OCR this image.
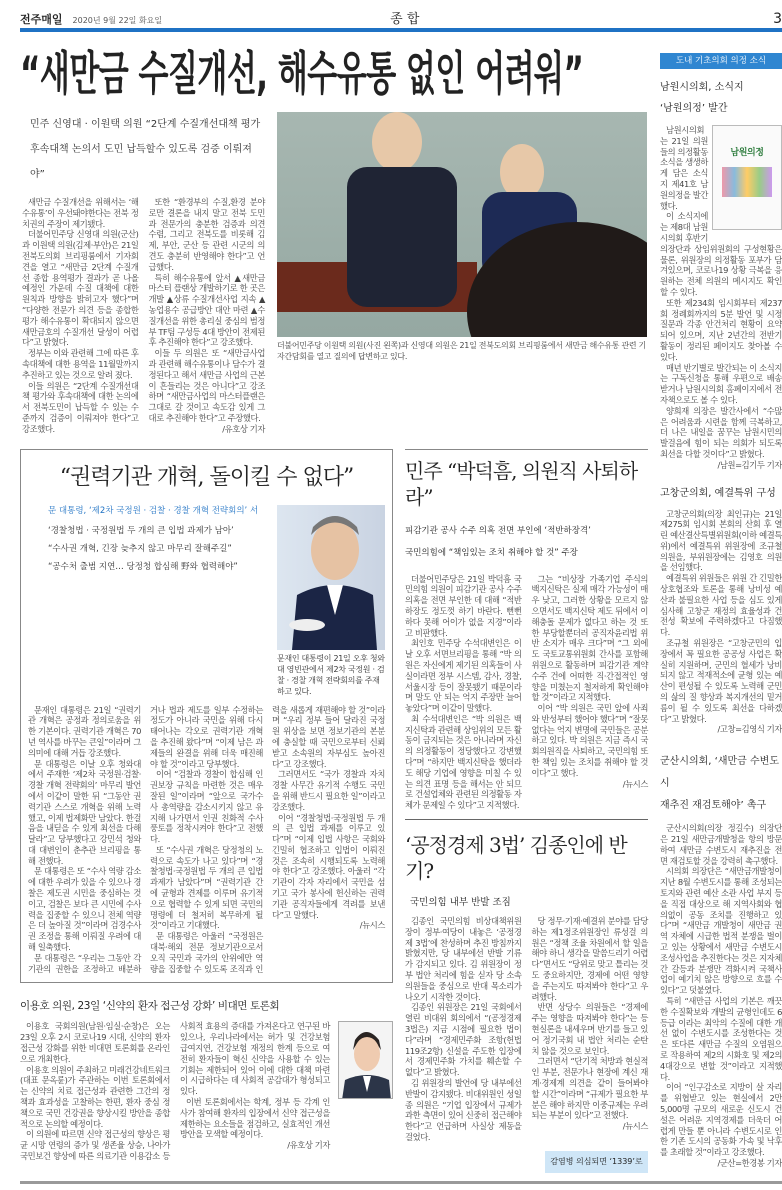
전주매일 2020년 9월 22일 화요일	종 합	3
“새만금 수질개선, 해수유통 없인 어려워”
민주 신영대 · 이원택 의원 “2단계 수질개선대책 평가
후속대책 논의서 도민 납득할수 있도록 검증 이뤄져야”

새만금 수질개선을 위해서는 ‘해수유통’이 우선돼야한다는 전북 정치권의 주장이 제기됐다.

더불어민주당 신영대 의원(군산)과 이원택 의원(김제·부안)은 21일 전북도의회 브리핑룸에서 기자회견을 열고 “새만금 2단계 수질개선 종합 용역평가 결과가 곧 나올 예정인 가운데 수질 대책에 대한 원칙과 방향을 밝히고자 했다”며 “다양한 전문가 의견 등을 종합한 평가 해수유통이 확대되지 않으면 새만금호의 수질개선 달성이 어렵다”고 밝혔다.

정부는 이와 관련해 그에 따른 후속대책에 대한 용역을 11월말까지 추진하고 있는 것으로 알려 졌다.

이들 의원은 “2단계 수질개선대책 평가와 후속대책에 대한 논의에서 전북도민이 납득할 수 있는 수준까지 검증이 이뤄져야 한다”고 강조했다.

또한 “환경부의 수질,환경 분야로만 결론을 내지 말고 전북 도민과 전문가의 충분한 검증과 의견 수렴, 그리고 전북도를 비롯해 김제, 부안, 군산 등 관련 시군의 의견도 충분히 반영해야 한다”고 언급했다.

특히 해수유통에 앞서 ▲새만금 마스터 플랜상 개발하기로 한 곳은 개발 ▲상류 수질개선사업 지속 ▲농업용수 공급방안 대안 마련 ▲수질개선을 위한 총리실 중심의 범정부 TF팀 구성등 4대 방안이 전제된 후 추진해야 한다”고 강조했다.

이들 두 의원은 또 “새만금사업과 관련해 해수유통이나 담수가 결정된다고 해서 새만금 사업의 근본이 흔들리는 것은 아니다”고 강조하며 “새만금사업의 마스터플랜은 그대로 갈 것이고 속도감 있게 그대로 추진해야 한다”고 주장했다.

/유호상 기자

더불어민주당 이원택 의원(사진 왼쪽)과 신영대 의원은 21일 전북도의회 브리핑룸에서 새만금 해수유통 관련 기자간담회를 열고 질의에 답변하고 있다.
“권력기관 개혁, 돌이킬 수 없다”
문 대통령, ‘제2차 국정원 · 검찰 · 경찰 개혁 전략회의’ 서
‘경찰청법 · 국정원법 두 개의 큰 입법 과제가 남아’
“수사권 개혁, 긴장 늦추지 않고 마무리 잘해주길”
“공수처 출범 지연… 당정청 합심해 野와 협력해야”
문재인 대통령이 21일 오후 청와대 영빈관에서 제2차 국정원 · 검찰 · 경찰 개혁 전략회의를 주재하고 있다.

문재인 대통령은 21일 “권력기관 개혁은 공정과 정의로움을 위한 기본이다. 권력기관 개혁은 70년 역사를 바꾸는 큰일”이라며 그 의미에 대해 거듭 강조했다.

문 대통령은 이날 오후 청와대에서 주재한 ‘제2차 국정원·검찰·경찰 개혁 전략회의’ 마무리 발언에서 이같이 말한 뒤 “그동안 권력기관 스스로 개혁을 위해 노력했고, 이제 법제화만 남았다. 한걸음을 내딛을 수 있게 최선을 다해달라”고 당부했다고 강민석 청와대 대변인이 춘추관 브리핑을 통해 전했다.

문 대통령은 또 “수사 역량 감소에 대한 우려가 있을 수 있으나 경찰은 제도권 시민을 중심하는 것이고, 검찰은 보다 큰 시민에 수사력을 집중할 수 있으니 전체 역량은 더 높아질 것”이라며 검경수사권 조정을 통해 이뤄질 우려에 대해 일축했다.

문 대통령은 “우리는 그동안 각 기관의 권한을 조정하고 배분하거나 법과 제도를 일부 수정하는 정도가 아니라 국민을 위해 다시 태어나는 각오로 권력기관 개혁을 추진해 왔다”며 “이제 남은 과제들의 완결을 위해 더욱 매진해야 할 것”이라고 당부했다.

이어 “검찰과 경찰이 합심해 인권보장 규칙을 마련한 것은 매우 잘된 일”이라며 “앞으로 국가수사 총역량을 감소시키지 않고 유지해 나가면서 인권 친화적 수사 풍토를 정착시켜야 한다”고 전했다.

또 “수사권 개혁은 당정청의 노력으로 속도가 나고 있다”며 “경찰청법·국정원법 두 개의 큰 입법 과제가 남았다”며 “권력기관 간에 균형과 견제를 이루며 유기적으로 협력할 수 있게 되면 국민의 명령에 더 철저히 복무하게 될 것”이라고 기대했다.

문 대통령은 아울러 “국정원은 대북·해외 전문 정보기관으로서 오직 국민과 국가의 안위에만 역량을 집중할 수 있도록 조직과 인력을 새롭게 재편해야 할 것”이라며 “우리 정부 들어 달라진 국정원 위상을 보면 정보기관의 본분에 충실할 때 국민으로부터 신뢰 받고 소속원의 자부심도 높아진다”고 강조했다.

그러면서도 “국가 경찰과 자치경찰 사무간 유기적 수행도 국민을 위해 반드시 필요한 일”이라고 강조했다.

이어 “경찰청법·국정원법 두 개의 큰 입법 과제를 이루고 있다”며 “이제 입법 사항은 국회와 긴밀히 협조하고 입법이 이뤄진 것은 조속히 시행되도록 노력해야 한다”고 강조했다. 아울러 “각 기관이 각자 자리에서 국민을 섬기고 국가 봉사에 헌신하는 권력기관 공직자들에게 격려를 보낸다”고 말했다.

/뉴시스

이용호 의원, 23일 ‘신약의 환자 접근성 강화’ 비대면 토론회

이용호 국회의원(남원·임실·순창)은 오는 23일 오후 2시 코로나19 시대, 신약의 환자 접근성 강화를 위한 비대면 토론회를 온라인으로 개최한다.

이용호 의원이 주최하고 미래건강네트워크(대표 문옥륜)가 주관하는 이번 토론회에서는 신약의 치료 접근성과 관련한 그간의 정책과 효과성을 고찰하는 한편, 환자 중심 정책으로 국민 건강권을 향상시킬 방안을 종합적으로 논의할 예정이다.

이 의원에 따르면 신약 접근성의 향상은 평균 시망 연령의 증가 및 생존율 상승, 나아가 국민보건 향상에 따른 의료기관 이용감소 등 사회적 효용의 증대를 가져온다고 연구된 바 있으나, 우리나라에서는 허가 및 건강보험 급여지연, 건강보험 재정의 한계 등으로 여전히 환자들이 혁신 신약을 사용할 수 있는 기회는 제한되어 있어 이에 대한 대책 마련이 시급하다는 데 사회적 공감대가 형성되고 있다.

이번 토론회에서는 학계, 정부 등 각계 인사가 참여해 환자의 입장에서 신약 접근성을 제한하는 요소들을 점검하고, 실효적인 개선 방안을 모색할 예정이다.

/유호상 기자

민주 “박덕흠, 의원직 사퇴하라”
피감기관 공사 수주 의혹 전면 부인에 ‘적반하장격’
국민의힘에 “책임있는 조치 취해야 할 것” 주장

더불어민주당은 21일 박덕흠 국민의힘 의원이 피감기관 공사 수주 의혹을 전면 부인한 데 대해 “적반하장도 정도껏 하기 바란다. 뻔뻔하다 못해 어이가 없을 지경”이라고 비판했다.

최인호 민주당 수석대변인은 이날 오후 서면브리핑을 통해 “박 의원은 자신에게 제기된 의혹들이 사실이라면 정부 시스템, 감사, 경찰, 서울시장 등이 잘못됐기 때문이라며 말도 안 되는 억지 주장만 늘어놓았다”며 이같이 말했다.

최 수석대변인은 “박 의원은 백지신탁과 관련해 상임위의 모든 활동이 금지되는 것은 아니라며 자신의 의정활동이 정당했다고 강변했다”며 “하지만 백지신탁을 했더라도 해당 기업에 영향을 미칠 수 있는 의견 표명 등을 해서는 안 되므로 건설업체와 관련된 의정활동 자체가 문제일 수 있다”고 지적했다.

그는 “비상장 가족기업 주식의 백지신탁은 실제 매각 가능성이 매우 낮고, 그러한 상황을 모르지 않으면서도 백지신탁 제도 뒤에서 이해충돌 문제가 없다고 하는 것 또한 부당할뿐더러 공직자윤리법 위반 소지가 매우 크다”며 “그 외에도 국토교통위원회 간사를 포함해 위원으로 활동하며 피감기관 계약 수주 건에 어떠한 직·간접적인 영향을 미쳤는지 철저하게 확인해야 할 것”이라고 지적했다.

이어 “박 의원은 국민 앞에 사죄와 반성부터 했어야 했다”며 “잘못 없다는 억지 변명에 국민들은 공분하고 있다. 박 의원은 지금 즉시 국회의원직을 사퇴하고, 국민의힘 또한 책임 있는 조치를 취해야 할 것이다”고 했다.

/뉴시스

‘공정경제 3법’ 김종인에 반기?
국민의힘 내부 반발 조짐

김종인 국민의힘 비상대책위원장이 정부·여당이 내놓은 ‘공정경제 3법’에 찬성하며 추진 방침까지 밝혔지만, 당 내부에선 반발 기류가 감지되고 있다. 김 위원장이 정부 법안 처리에 힘을 싣자 당 소속 의원들을 중심으로 반대 목소리가 나오기 시작한 것이다.

김종인 위원장은 21일 국회에서 열린 비대위 회의에서 “(공정경제 3법은) 지금 시점에 필요한 법이다”라며 “경제민주화 조항(헌법 119조2항) 신설을 주도한 입장에서 경제민주화 가치를 훼손할 수 없다”고 밝혔다.

김 위원장의 발언에 당 내부에선 반발이 감지됐다. 비대위원인 성일종 의원은 “기업 입장에서 규제가 과한 측면이 있어 신중히 접근해야 한다”고 언급하며 사실상 제동을 걸었다.

당 정무·기재·예결위 분야를 담당하는 제1정조위원장인 류성걸 의원은 “정책 조율 차원에서 할 일을 해야 하니 생각을 말씀드리기 어렵다”면서도 “당위로 맞고 틀리는 것도 중요하지만, 경제에 어떤 영향을 주는지도 따져봐야 한다”고 우려했다.

반면 상당수 의원들은 “경제에 주는 영향을 따져봐야 한다”는 등 현실론을 내세우며 반기를 들고 있어 정기국회 내 법안 처리는 순탄치 않을 것으로 보인다.

그러면서 “단기적 처방과 현실적인 부분, 전문가나 현장에 계신 재계·경제계 의견을 같이 들어봐야 할 시간”이라며 “규제가 필요한 부분은 해야 하지만 이중규제는 우려되는 부분이 있다”고 전했다.

/뉴시스

감염병 의심되면 ‘1339’로
도내 기초의회 의정 소식
남원시의회, 소식지
‘남원의정’ 발간
남원의정

남원시의회는 21일 의원들의 의정활동 소식을 생생하게 담은 소식지 제41호 남원의정을 발간했다.

이 소식지에는 제8대 남원시의회 후반기 의장단과 상임위원회의 구성현황은 물론, 위원장의 의정활동 포부가 담겨있으며, 코로나19 상황 극복을 응원하는 전체 의원의 메시지도 확인할 수 있다.

또한 제234회 임시회부터 제237회 정례회까지의 5분 발언 및 시정질문과 각종 안건처리 현황이 요약되어 있으며, 지난 2년간의 전반기 활동이 정리된 페이지도 찾아볼 수 있다.

매년 반기별로 발간되는 이 소식지는 구독신청을 통해 우편으로 배송 받거나 남원시의회 홈페이지에서 전자책으로도 볼 수 있다.

양희재 의장은 발간사에서 “수많은 어려움과 시련을 함께 극복하고, 더 나은 내일을 꿈꾸는 남원시민의 발걸음에 힘이 되는 의회가 되도록 최선을 다할 것이다”고 밝혔다.

/남원=김기두 기자

고창군의회, 예결특위 구성

고창군의회(의장 최인규)는 21일 제275회 임시회 본회의 산회 후 열린 예산결산특별위원회(이하 예결특위)에서 예결특위 위원장에 조규철 의원을, 부위원장에는 김영호 의원을 선임했다.

예결특위 위원들은 위원 간 긴밀한 상호협조와 토론을 통해 낭비성 예산과 불필요한 사업 등을 심도 있게 심사해 고창군 재정의 효율성과 건전성 확보에 주력하겠다고 다짐했다.

조규철 위원장은 “고창군민의 입장에서 꼭 필요한 공공성 사업은 확실히 지원하며, 군민의 혈세가 낭비되지 않고 적재적소에 균형 있는 예산이 편성될 수 있도록 노력해 군민의 삶의 질 향상과 복지개선의 밑거름이 될 수 있도록 최선을 다하겠다”고 밝혔다.

/고창=김영식 기자

군산시의회, ‘새만금 수변도시
재추진 재검토해야’ 촉구

군산시의회(의장 정길수) 의장단은 21일 새만금개발청을 항의 방문하여 새만금 수변도시 재추진을 전면 재검토할 것을 강력히 촉구했다.

시의회 의장단은 “새만금개발청이 지난 8월 수변도시를 통해 조성되는 토지와 관련 예산 소관 사업 부지 등을 직접 대상으로 해 지역사회와 협의없이 공동 조치를 진행하고 있다”며 “새만금 개발청이 새만금 권역 자체에 시급한 법적 분쟁을 벌이고 있는 상황에서 새만금 수변도시 조성사업을 추진한다는 것은 지자체간 갈등과 분쟁만 격화시켜 국책사업이 예기치 않은 방향으로 흐를 수 있다”고 덧붙였다.

특히 “새만금 사업의 기본은 깨끗한 수질확보와 개발의 균형인데도 6등급 이라는 최악의 수질에 대한 개선 없이 수변도시를 조성한다는 것은 또다른 새만금 수질의 오염원으로 작용하여 제2의 시화호 및 제2의 4대강으로 변할 것”이라고 지적했다.

이어 “인구감소로 지방이 살 자리를 위협받고 있는 현실에서 2만5,000명 규모의 새로운 신도시 건설은 어려운 지역경제를 더욱더 어렵게 만들 뿐 아니라 수변도시로 인한 기존 도시의 공동화 가속 및 낙후를 초래할 것”이라고 강조했다.

/군산=한경봉 기자
